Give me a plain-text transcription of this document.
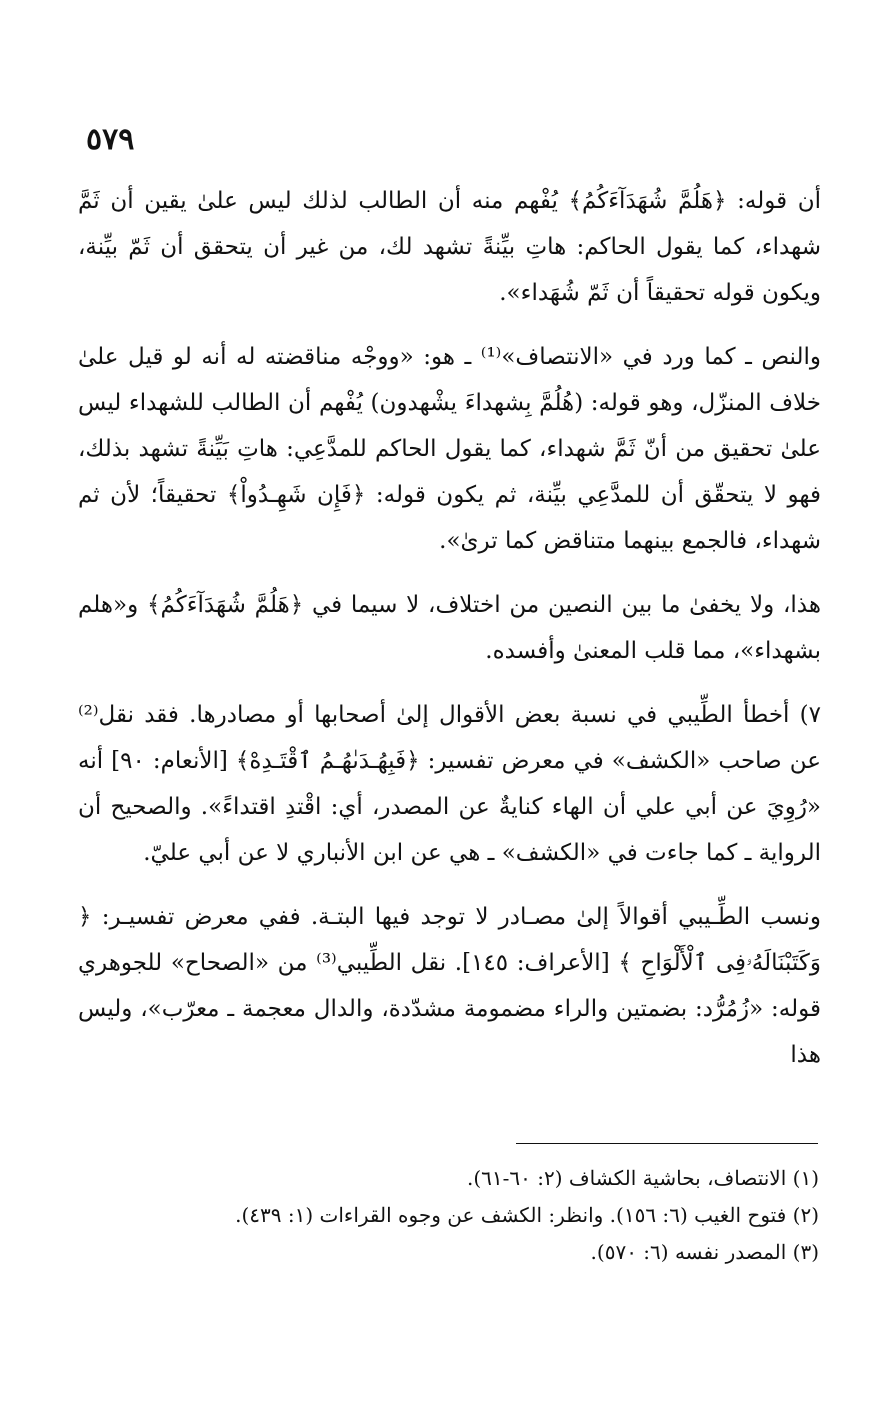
٥٧٩

أن قوله: ﴿هَلُمَّ شُهَدَآءَكُمُ﴾ يُفْهم منه أن الطالب لذلك ليس علىٰ يقين أن ثَمَّ شهداء، كما يقول الحاكم: هاتِ بيِّنةً تشهد لك، من غير أن يتحقق أن ثَمّ بيِّنة، ويكون قوله تحقيقاً أن ثَمّ شُهَداء».

والنص ـ كما ورد في «الانتصاف»⁽¹⁾ ـ هو: «ووجْه مناقضته له أنه لو قيل علىٰ خلاف المنزّل، وهو قوله: (هُلُمَّ بِشهداءَ يشْهدون) يُفْهم أن الطالب للشهداء ليس علىٰ تحقيق من أنّ ثَمَّ شهداء، كما يقول الحاكم للمدَّعِي: هاتِ بَيِّنةً تشهد بذلك، فهو لا يتحقّق أن للمدَّعِي بيِّنة، ثم يكون قوله: ﴿فَإِن شَهِـدُواْ﴾ تحقيقاً؛ لأن ثم شهداء، فالجمع بينهما متناقض كما ترىٰ».

هذا، ولا يخفىٰ ما بين النصين من اختلاف، لا سيما في ﴿هَلُمَّ شُهَدَآءَكُمُ﴾ و«هلم بشهداء»، مما قلب المعنىٰ وأفسده.

٧) أخطأ الطِّيبي في نسبة بعض الأقوال إلىٰ أصحابها أو مصادرها. فقد نقل⁽²⁾ عن صاحب «الكشف» في معرض تفسير: ﴿فَبِهُـدَىٰهُـمُ ٱقْتَـدِهْ﴾ [الأنعام: ٩٠] أنه «رُوِيَ عن أبي علي أن الهاء كنايةٌ عن المصدر، أي: اقْتدِ اقتداءً». والصحيح أن الرواية ـ كما جاءت في «الكشف» ـ هي عن ابن الأنباري لا عن أبي عليّ.

ونسب الطِّـيبي أقوالاً إلىٰ مصـادر لا توجد فيها البتـة. ففي معرض تفسيـر: ﴿ وَكَتَبْنَالَهُۥفِى ٱلْأَلْوَاحِ ﴾ [الأعراف: ١٤٥]. نقل الطِّيبي⁽³⁾ من «الصحاح» للجوهري قوله: «زُمُرُّد: بضمتين والراء مضمومة مشدّدة، والدال معجمة ـ معرّب»، وليس هذا

(١) الانتصاف، بحاشية الكشاف (٢: ٦٠-٦١).

(٢) فتوح الغيب (٦: ١٥٦). وانظر: الكشف عن وجوه القراءات (١: ٤٣٩).

(٣) المصدر نفسه (٦: ٥٧٠).
